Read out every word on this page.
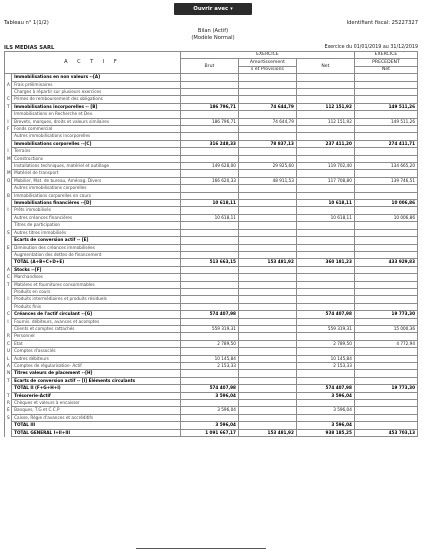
Ouvrir avec ▾
Tableau n° 1(1/2)	Identifiant fiscal: 25227327
Bilan (Actif)
(Modèle Normal)
ILS MEDIAS SARL	Exercice du 01/01/2019 au 31/12/2019
A C T I F		EXERCICE			EXERCICE
		Brut	Amortissement	Net	PRECEDENT
			s et Provisions		Net
	Immobilisations en non valeurs --[A]				
A	Frais préliminaires				
	Charges à répartir sur plusieurs exercices				
C	Primes de remboursement des obligations				
T	Immobilisations incorporelles -- [B]	186 796,71	74 644,79	112 151,92	149 511,26
	Immobilisations en Recherche et Dev.				
I	Brevets, marques, droits et valeurs similaires	186 796,71	74 644,79	112 151,92	149 511,26
F	Fonds commercial				
	Autres immobilisations incorporelles				
	Immobilisations corporelles --[C]	316 248,33	78 837,13	237 411,20	274 411,71
I	Terrains				
M	Constructions				
	Installations techniques, matériel et outillage	149 628,00	29 925,60	119 702,40	134 665,20
M	Matériel de transport				
O	Mobilier, Mat. de bureau, Aménag. Divers	166 620,33	48 911,53	117 708,80	139 746,51
	Autres immobilisations corporelles				
B	Immobilisations corporelles en cours				
	Immobilisations financières --[D]	10 618,11		10 618,11	10 006,86
I	Prêts immobilisés				
	Autres créances financières	10 618,11		10 618,11	10 006,86
	Titres de participation				
S	Autres titres immobilisés				
	Ecarts de conversion actif -- [E]				
E	Diminution des créances immobilisées				
	Augmentation des dettes de financement				
	TOTAL (A+B+C+D+E)	513 663,15	153 481,92	360 181,23	433 929,83
A	Stocks --[F]				
C	Marchandises				
T	Matières et fournitures consommables				
	Produits en cours				
I	Produits intermédiaires et produits résiduels				
	Produits finis				
C	Créances de l'actif circulant --[G]	574 407,98		574 407,98	19 773,30
I	Fournis. débiteurs, avances et acomptes				
	Clients et comptes rattachés	559 319,31		559 319,31	15 000,36
R	Personnel				
C	Etat	2 789,50		2 789,50	4 772,94
U	Comptes d'associés				
L	Autres débiteurs	10 145,84		10 145,84	
A	Comptes de régularisation- Actif	2 153,33		2 153,33	
N	Titres valeurs de placement --[H]				
T	Ecarts de conversion actif -- [I] Eléments circulants				
	TOTAL II (F+G+H+I)	574 407,98		574 407,98	19 773,30
T	Trésorerie-Actif	3 596,04		3 596,04	
R	Chèques et valeurs à encaisser				
É	Banques, T.G et C.C.P	3 596,04		3 596,04	
S	Caisse, Régie d'avances et accréditifs				
	TOTAL III	3 596,04		3 596,04	
	TOTAL GENERAL I+II+III	1 091 667,17	153 481,92	938 185,25	453 703,13
